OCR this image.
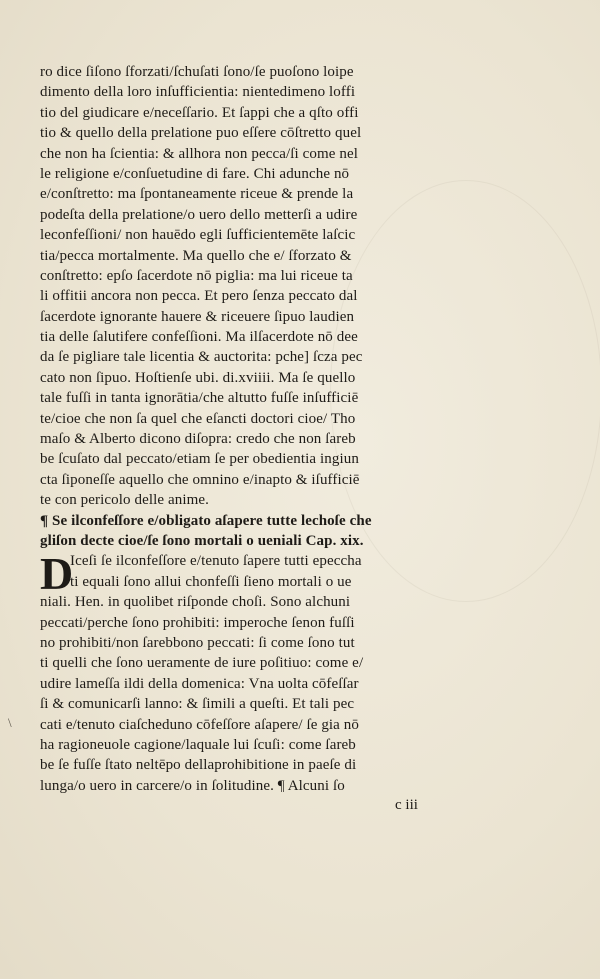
ro dice ſiſono ſforzati/ſchuſati ſono/ſe puoſono loipe
dimento della loro inſufficientia: nientedimeno loffi
tio del giudicare e/neceſſario. Et ſappi che a qſto offi
tio & quello della prelatione puo eſſere cōſtretto quel
che non ha ſcientia: & allhora non pecca/ſi come nel
le religione e/conſuetudine di fare. Chi adunche nō
e/conſtretto: ma ſpontaneamente riceue & prende la
podeſta della prelatione/o uero dello metterſi a udire
leconfeſſioni/ non hauēdo egli ſufficientemēte laſcic
tia/pecca mortalmente. Ma quello che e/ ſforzato &
conſtretto: epſo ſacerdote nō piglia: ma lui riceue ta
li offitii ancora non pecca. Et pero ſenza peccato dal
ſacerdote ignorante hauere & riceuere ſipuo laudien
tia delle ſalutifere confeſſioni. Ma ilſacerdote nō dee
da ſe pigliare tale licentia & auctorita: pche] ſcza pec
cato non ſipuo. Hoſtienſe ubi. di.xviiii. Ma ſe quello
tale fuſſi in tanta ignorātia/che altutto fuſſe inſufficiē
te/cioe che non ſa quel che eſancti doctori cioe/ Tho
maſo & Alberto dicono diſopra: credo che non ſareb
be ſcuſato dal peccato/etiam ſe per obedientia ingiun
cta ſiponeſſe aquello che omnino e/inapto & iſufficiē
te con pericolo delle anime.
¶ Se ilconfeſſore e/obligato aſapere tutte lechoſe che
gliſon decte cioe/ſe ſono mortali o ueniali Cap. xix.
Iceſi ſe ilconfeſſore e/tenuto ſapere tutti epeccha
ti equali ſono allui chonfeſſi ſieno mortali o ue
niali. Hen. in quolibet riſponde choſi. Sono alchuni
peccati/perche ſono prohibiti: imperoche ſenon fuſſi
no prohibiti/non ſarebbono peccati: ſi come ſono tut
ti quelli che ſono ueramente de iure poſitiuo: come e/
udire lameſſa ildi della domenica: Vna uolta cōfeſſar
ſi & comunicarſi lanno: & ſimili a queſti. Et tali pec
cati e/tenuto ciaſcheduno cōfeſſore aſapere/ ſe gia nō
ha ragioneuole cagione/laquale lui ſcuſi: come ſareb
be ſe fuſſe ſtato neltēpo dellaprohibitione in paeſe di
lunga/o uero in carcere/o in ſolitudine. ¶ Alcuni ſo
D
\
c iii
